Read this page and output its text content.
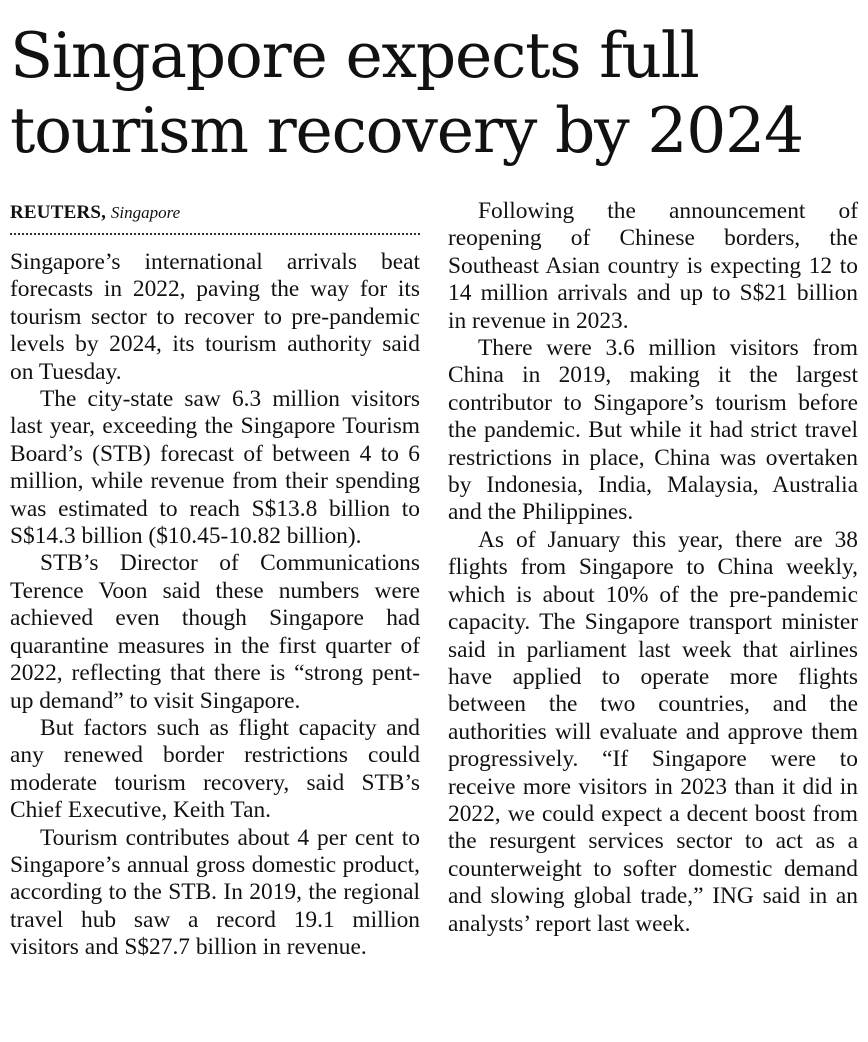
Singapore expects full
tourism recovery by 2024
REUTERS, Singapore

Singapore’s international arrivals beat forecasts in 2022, paving the way for its tourism sector to recover to pre-pandemic levels by 2024, its tourism authority said on Tuesday.

The city-state saw 6.3 million visitors last year, exceeding the Singapore Tourism Board’s (STB) forecast of between 4 to 6 million, while revenue from their spending was estimated to reach S$13.8 billion to S$14.3 billion ($10.45-10.82 billion).

STB’s Director of Communications Terence Voon said these numbers were achieved even though Singapore had quarantine measures in the first quarter of 2022, reflecting that there is “strong pent-up demand” to visit Singapore.

But factors such as flight capacity and any renewed border restrictions could moderate tourism recovery, said STB’s Chief Executive, Keith Tan.

Tourism contributes about 4 per cent to Singapore’s annual gross domestic product, according to the STB. In 2019, the regional travel hub saw a record 19.1 million visitors and S$27.7 billion in revenue.

Following the announcement of reopening of Chinese borders, the Southeast Asian country is expecting 12 to 14 million arrivals and up to S$21 billion in revenue in 2023.

There were 3.6 million visitors from China in 2019, making it the largest contributor to Singapore’s tourism before the pandemic. But while it had strict travel restrictions in place, China was overtaken by Indonesia, India, Malaysia, Australia and the Philippines.

As of January this year, there are 38 flights from Singapore to China weekly, which is about 10% of the pre-pandemic capacity. The Singapore transport minister said in parliament last week that airlines have applied to operate more flights between the two countries, and the authorities will evaluate and approve them progressively. “If Singapore were to receive more visitors in 2023 than it did in 2022, we could expect a decent boost from the resurgent services sector to act as a counterweight to softer domestic demand and slowing global trade,” ING said in an analysts’ report last week.
